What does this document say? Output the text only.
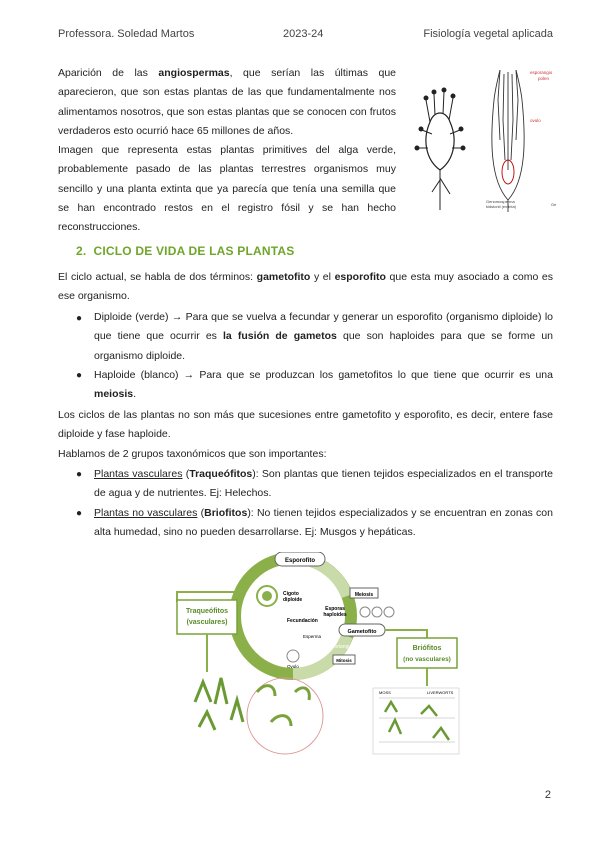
Professora. Soledad Martos	2023-24	Fisiología vegetal aplicada
Aparición de las angiospermas, que serían las últimas que aparecieron, que son estas plantas de las que fundamentalmente nos alimentamos nosotros, que son estas plantas que se conocen con frutos verdaderos esto ocurrió hace 65 millones de años.
Imagen que representa estas plantas primitives del alga verde, probablemente pasado de las plantas terrestres organismos muy sencillo y una planta extinta que ya parecía que tenía una semilla que se han encontrado restos en el registro fósil y se han hecho reconstrucciones.
esporangio
polen
ovulo
Genomosperma
kidstonii (extinta)	Ge
2. CICLO DE VIDA DE LAS PLANTAS
El ciclo actual, se habla de dos términos: gametofito y el esporofito que esta muy asociado a como es ese organismo.
● Diploide (verde) → Para que se vuelva a fecundar y generar un esporofito (organismo diploide) lo que tiene que ocurrir es la fusión de gametos que son haploides para que se forme un organismo diploide.
● Haploide (blanco) → Para que se produzcan los gametofitos lo que tiene que ocurrir es una meiosis.
Los ciclos de las plantas no son más que sucesiones entre gametofito y esporofito, es decir, entere fase diploide y fase haploide.
Hablamos de 2 grupos taxonómicos que son importantes:
● Plantas vasculares (Traqueófitos): Son plantas que tienen tejidos especializados en el transporte de agua y de nutrientes. Ej: Helechos.
● Plantas no vasculares (Briofitos): No tienen tejidos especializados y se encuentran en zonas con alta humedad, sino no pueden desarrollarse. Ej: Musgos y hepáticas.
Esporofito
Esporangio
Meiosis
Cigoto
diploide
Esporas
haploides
Fecundación
Gametofito
Gametos
Esperma
Gametangio
Ovulo
Mitosis
Traqueófitos
(vasculares)
Briófitos
(no vasculares)
MOSS	LIVERWORTS
2
